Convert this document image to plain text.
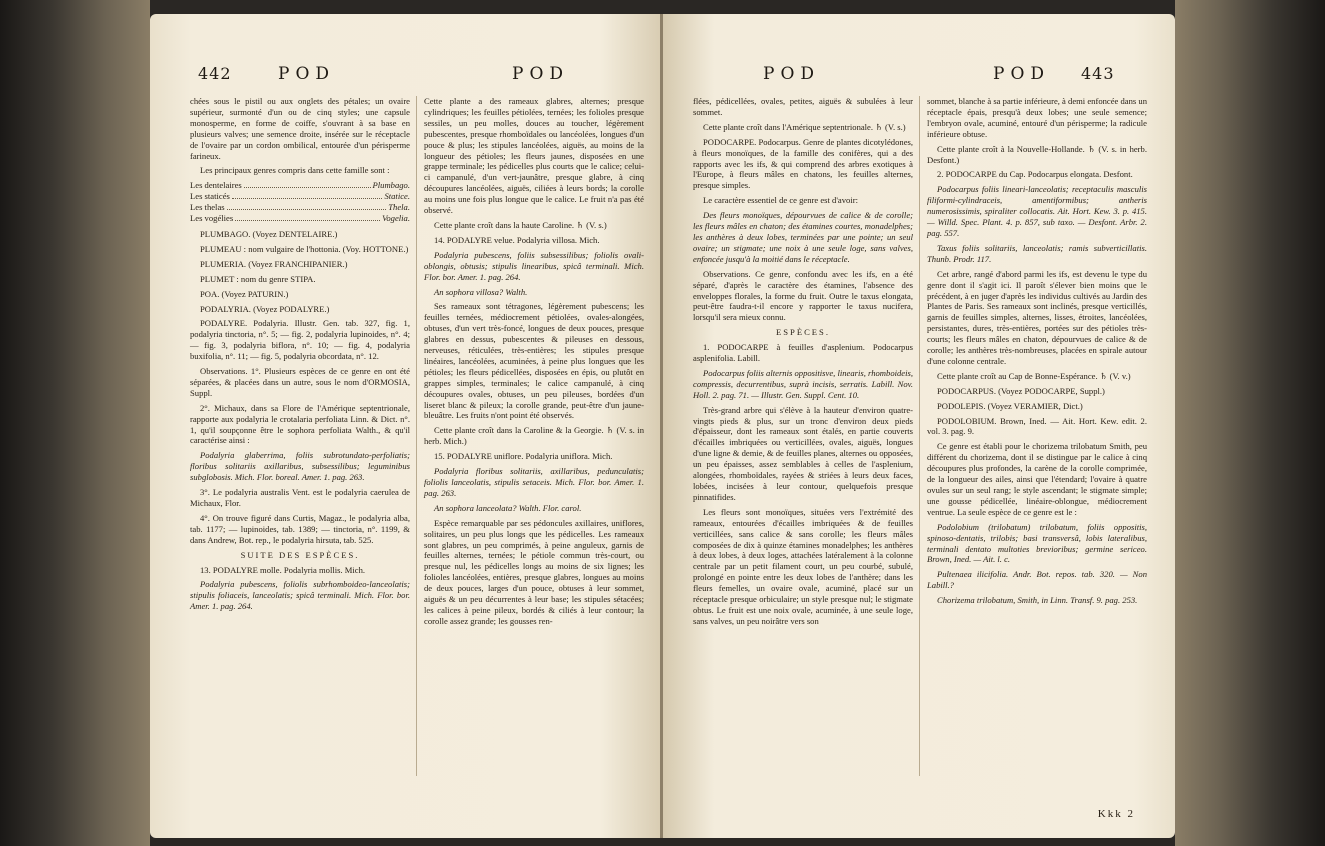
442	POD	POD

chées sous le pistil ou aux onglets des pétales; un ovaire supérieur, surmonté d'un ou de cinq styles; une capsule monosperme, en forme de coiffe, s'ouvrant à sa base en plusieurs valves; une semence droite, insérée sur le réceptacle de l'ovaire par un cordon ombilical, entourée d'un périsperme farineux.

Les principaux genres compris dans cette famille sont :

Les dentelaires	Plumbago.
Les staticés	Statice.
Les thelas	Thela.
Les vogélies	Vogelia.

PLUMBAGO. (Voyez DENTELAIRE.)

PLUMEAU : nom vulgaire de l'hottonia. (Voy. HOTTONE.)

PLUMERIA. (Voyez FRANCHIPANIER.)

PLUMET : nom du genre STIPA.

POA. (Voyez PATURIN.)

PODALYRIA. (Voyez PODALYRE.)

PODALYRE. Podalyria. Illustr. Gen. tab. 327, fig. 1, podalyria tinctoria, n°. 5; — fig. 2, podalyria lupinoides, n°. 4; — fig. 3, podalyria biflora, n°. 10; — fig. 4, podalyria buxifolia, n°. 11; — fig. 5, podalyria obcordata, n°. 12.

Observations. 1°. Plusieurs espèces de ce genre en ont été séparées, & placées dans un autre, sous le nom d'ORMOSIA, Suppl.

2°. Michaux, dans sa Flore de l'Amérique septentrionale, rapporte aux podalyria le crotalaria perfoliata Linn. & Dict. n°. 1, qu'il soupçonne être le sophora perfoliata Walth., & qu'il caractérise ainsi :

Podalyria glaberrima, foliis subrotundato-perfoliatis; floribus solitariis axillaribus, subsessilibus; leguminibus subglobosis. Mich. Flor. boreal. Amer. 1. pag. 263.

3°. Le podalyria australis Vent. est le podalyria caerulea de Michaux, Flor.

4°. On trouve figuré dans Curtis, Magaz., le podalyria alba, tab. 1177; — lupinoides, tab. 1389; — tinctoria, n°. 1199, & dans Andrew, Bot. rep., le podalyria hirsuta, tab. 525.

SUITE DES ESPÈCES.

13. PODALYRE molle. Podalyria mollis. Mich.

Podalyria pubescens, foliolis subrhomboideo-lanceolatis; stipulis foliaceis, lanceolatis; spicâ terminali. Mich. Flor. bor. Amer. 1. pag. 264.

Cette plante a des rameaux glabres, alternes; presque cylindriques; les feuilles pétiolées, ternées; les folioles presque sessiles, un peu molles, douces au toucher, légèrement pubescentes, presque rhomboïdales ou lancéolées, longues d'un pouce & plus; les stipules lancéolées, aiguës, au moins de la longueur des pétioles; les fleurs jaunes, disposées en une grappe terminale; les pédicelles plus courts que le calice; celui-ci campanulé, d'un vert-jaunâtre, presque glabre, à cinq découpures lancéolées, aiguës, ciliées à leurs bords; la corolle au moins une fois plus longue que le calice. Le fruit n'a pas été observé.

Cette plante croît dans la haute Caroline. ♄ (V. s.)

14. PODALYRE velue. Podalyria villosa. Mich.

Podalyria pubescens, foliis subsessilibus; foliolis ovali-oblongis, obtusis; stipulis linearibus, spicâ terminali. Mich. Flor. bor. Amer. 1. pag. 264.

An sophora villosa? Walth.

Ses rameaux sont tétragones, légèrement pubescens; les feuilles ternées, médiocrement pétiolées, ovales-alongées, obtuses, d'un vert très-foncé, longues de deux pouces, presque glabres en dessus, pubescentes & pileuses en dessous, nerveuses, réticulées, très-entières; les stipules presque linéaires, lancéolées, acuminées, à peine plus longues que les pétioles; les fleurs pédicellées, disposées en épis, ou plutôt en grappes simples, terminales; le calice campanulé, à cinq découpures ovales, obtuses, un peu pileuses, bordées d'un liseret blanc & pileux; la corolle grande, peut-être d'un jaune-bleuâtre. Les fruits n'ont point été observés.

Cette plante croît dans la Caroline & la Georgie. ♄ (V. s. in herb. Mich.)

15. PODALYRE uniflore. Podalyria uniflora. Mich.

Podalyria floribus solitariis, axillaribus, pedunculatis; foliolis lanceolatis, stipulis setaceis. Mich. Flor. bor. Amer. 1. pag. 263.

An sophora lanceolata? Walth. Flor. carol.

Espèce remarquable par ses pédoncules axillaires, uniflores, solitaires, un peu plus longs que les pédicelles. Les rameaux sont glabres, un peu comprimés, à peine anguleux, garnis de feuilles alternes, ternées; le pétiole commun très-court, ou presque nul, les pédicelles longs au moins de six lignes; les folioles lancéolées, entières, presque glabres, longues au moins de deux pouces, larges d'un pouce, obtuses à leur sommet, aiguës & un peu décurrentes à leur base; les stipules sétacées; les calices à peine pileux, bordés & ciliés à leur contour; la corolle assez grande; les gousses ren-

POD	POD 443

flées, pédicellées, ovales, petites, aiguës & subulées à leur sommet.

Cette plante croît dans l'Amérique septentrionale. ♄ (V. s.)

PODOCARPE. Podocarpus. Genre de plantes dicotylédones, à fleurs monoïques, de la famille des conifères, qui a des rapports avec les ifs, & qui comprend des arbres exotiques à l'Europe, à fleurs mâles en chatons, les feuilles alternes, presque simples.

Le caractère essentiel de ce genre est d'avoir:

Des fleurs monoïques, dépourvues de calice & de corolle; les fleurs mâles en chaton; des étamines courtes, monadelphes; les anthères à deux lobes, terminées par une pointe; un seul ovaire; un stigmate; une noix à une seule loge, sans valves, enfoncée jusqu'à la moitié dans le réceptacle.

Observations. Ce genre, confondu avec les ifs, en a été séparé, d'après le caractère des étamines, l'absence des enveloppes florales, la forme du fruit. Outre le taxus elongata, peut-être faudra-t-il encore y rapporter le taxus nucifera, lorsqu'il sera mieux connu.

ESPÈCES.

1. PODOCARPE à feuilles d'asplenium. Podocarpus asplenifolia. Labill.

Podocarpus foliis alternis oppositisve, linearis, rhomboideis, compressis, decurrentibus, suprà incisis, serratis. Labill. Nov. Holl. 2. pag. 71. — Illustr. Gen. Suppl. Cent. 10.

Très-grand arbre qui s'élève à la hauteur d'environ quatre-vingts pieds & plus, sur un tronc d'environ deux pieds d'épaisseur, dont les rameaux sont étalés, en partie couverts d'écailles imbriquées ou verticillées, ovales, aiguës, longues d'une ligne & demie, & de feuilles planes, alternes ou opposées, un peu épaisses, assez semblables à celles de l'asplenium, alongées, rhomboïdales, rayées & striées à leurs deux faces, lobées, incisées à leur contour, quelquefois presque pinnatifides.

Les fleurs sont monoïques, situées vers l'extrémité des rameaux, entourées d'écailles imbriquées & de feuilles verticillées, sans calice & sans corolle; les fleurs mâles composées de dix à quinze étamines monadelphes; les anthères à deux lobes, à deux loges, attachées latéralement à la colonne centrale par un petit filament court, un peu courbé, subulé, prolongé en pointe entre les deux lobes de l'anthère; dans les fleurs femelles, un ovaire ovale, acuminé, placé sur un réceptacle presque orbiculaire; un style presque nul; le stigmate obtus. Le fruit est une noix ovale, acuminée, à une seule loge, sans valves, un peu noirâtre vers son

sommet, blanche à sa partie inférieure, à demi enfoncée dans un réceptacle épais, presqu'à deux lobes; une seule semence; l'embryon ovale, acuminé, entouré d'un périsperme; la radicule inférieure obtuse.

Cette plante croît à la Nouvelle-Hollande. ♄ (V. s. in herb. Desfont.)

2. PODOCARPE du Cap. Podocarpus elongata. Desfont.

Podocarpus foliis lineari-lanceolatis; receptaculis masculis filiformi-cylindraceis, amentiformibus; antheris numerosissimis, spiraliter collocatis. Ait. Hort. Kew. 3. p. 415. — Willd. Spec. Plant. 4. p. 857, sub taxo. — Desfont. Arbr. 2. pag. 557.

Taxus foliis solitariis, lanceolatis; ramis subverticillatis. Thunb. Prodr. 117.

Cet arbre, rangé d'abord parmi les ifs, est devenu le type du genre dont il s'agit ici. Il paroît s'élever bien moins que le précédent, à en juger d'après les individus cultivés au Jardin des Plantes de Paris. Ses rameaux sont inclinés, presque verticillés, garnis de feuilles simples, alternes, lisses, étroites, lancéolées, persistantes, dures, très-entières, portées sur des pétioles très-courts; les fleurs mâles en chaton, dépourvues de calice & de corolle; les anthères très-nombreuses, placées en spirale autour d'une colonne centrale.

Cette plante croît au Cap de Bonne-Espérance. ♄ (V. v.)

PODOCARPUS. (Voyez PODOCARPE, Suppl.)

PODOLEPIS. (Voyez VERAMIER, Dict.)

PODOLOBIUM. Brown, Ined. — Ait. Hort. Kew. edit. 2. vol. 3. pag. 9.

Ce genre est établi pour le chorizema trilobatum Smith, peu différent du chorizema, dont il se distingue par le calice à cinq découpures plus profondes, la carène de la corolle comprimée, de la longueur des ailes, ainsi que l'étendard; l'ovaire à quatre ovules sur un seul rang; le style ascendant; le stigmate simple; une gousse pédicellée, linéaire-oblongue, médiocrement ventrue. La seule espèce de ce genre est le :

Podolobium (trilobatum) trilobatum, foliis oppositis, spinoso-dentatis, trilobis; basi transversâ, lobis lateralibus, terminali dentato multoties brevioribus; germine sericeo. Brown, Ined. — Ait. l. c.

Pultenaea ilicifolia. Andr. Bot. repos. tab. 320. — Non Labill.?

Chorizema trilobatum, Smith, in Linn. Transf. 9. pag. 253.

Kkk 2
